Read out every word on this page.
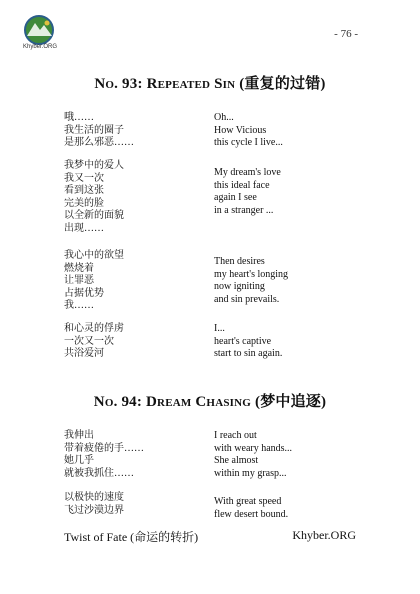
Khyber.ORG
- 76 -
No. 93: Repeated Sin (重复的过错)
哦……
我生活的圈子
是那么邪恶……
Oh...
How Vicious
this cycle I live...
我梦中的爱人
我又一次
看到这张
完美的脸
以全新的面貌
出现……
My dream's love
this ideal face
again I see
in a stranger ...
我心中的欲望
燃烧着
让罪恶
占据优势
我……
Then desires
my heart's longing
now igniting
and sin prevails.
和心灵的俘虏
一次又一次
共浴爱河
I...
heart's captive
start to sin again.
No. 94: Dream Chasing (梦中追逐)
我伸出
带着疲倦的手……
她几乎
就被我抓住……
I reach out
with weary hands...
She almost
within my grasp...
以极快的速度
飞过沙漠边界
With great speed
flew desert bound.
Twist of Fate (命运的转折)	Khyber.ORG
